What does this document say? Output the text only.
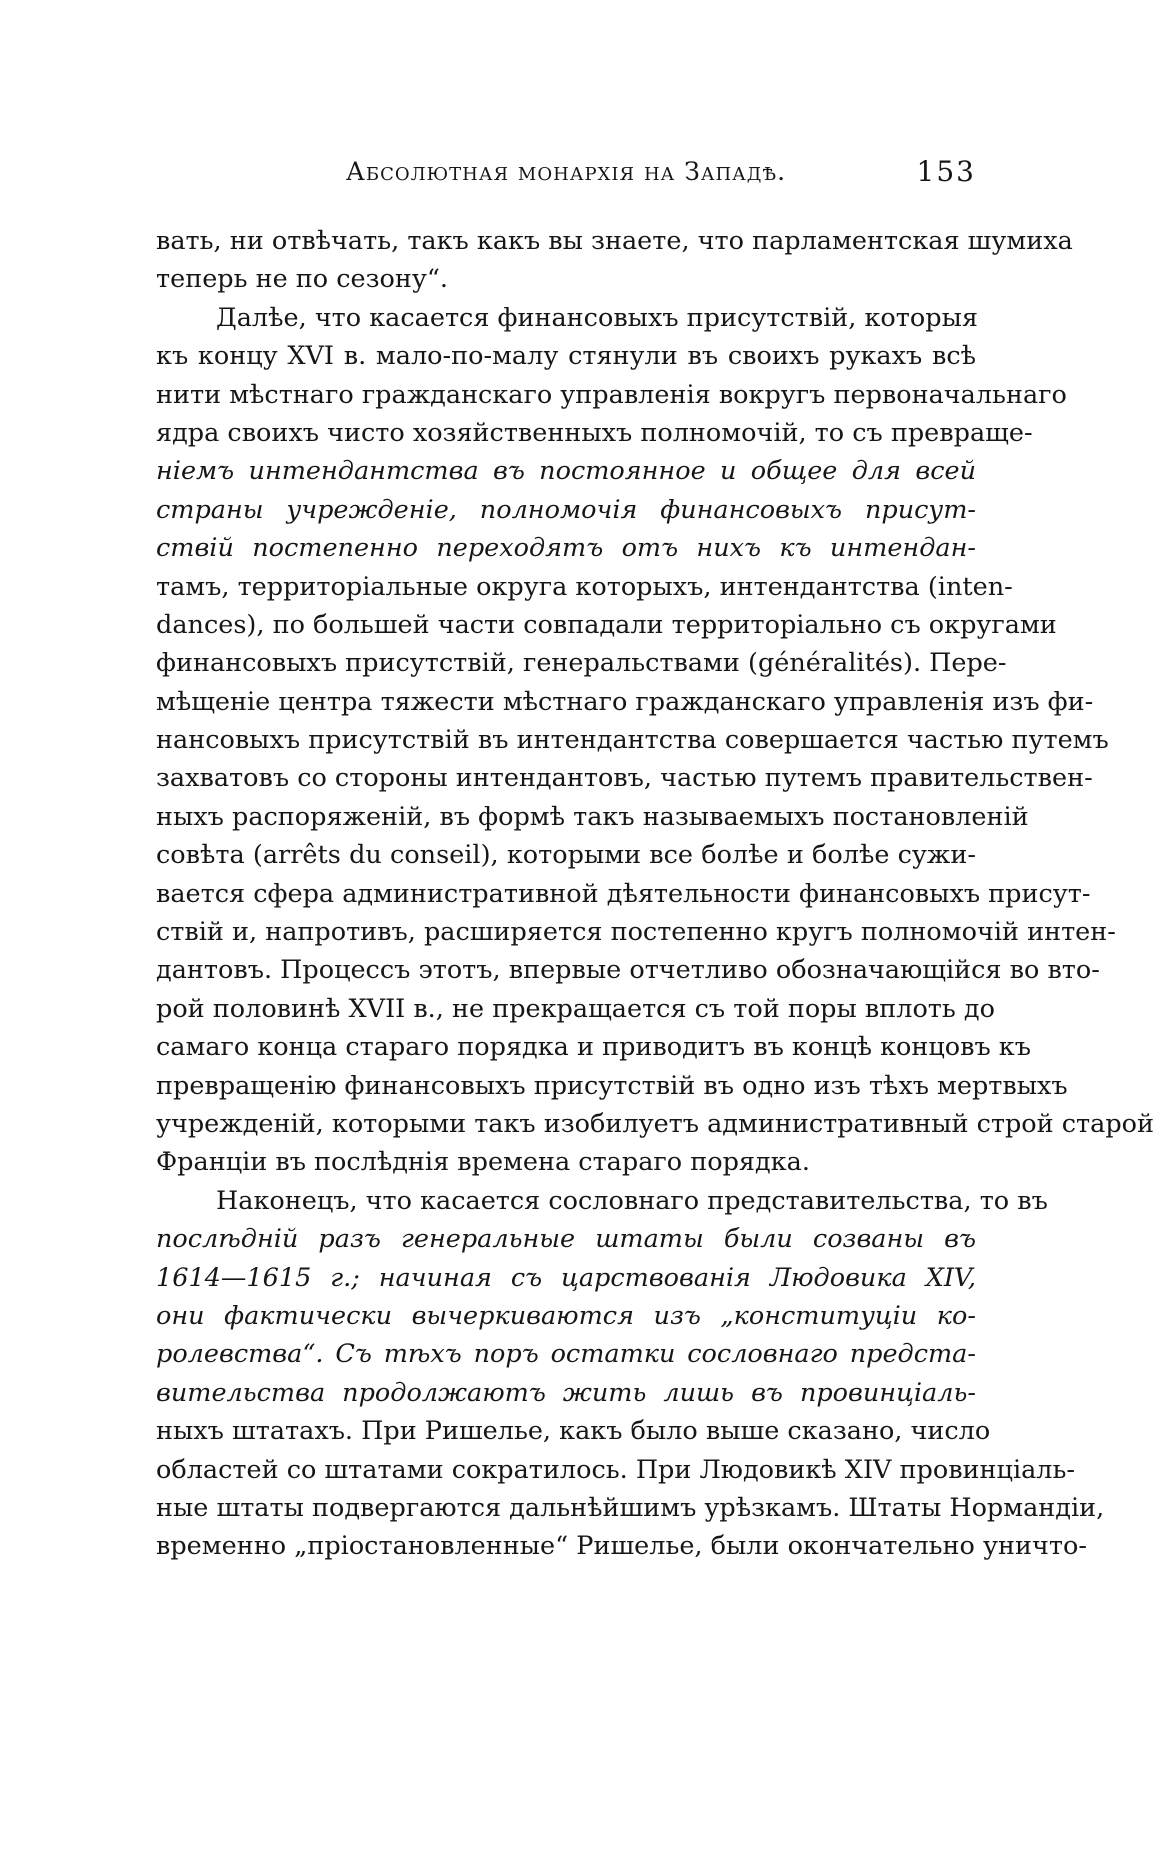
Абсолютная монархія на Западѣ.	153
вать, ни отвѣчать, такъ какъ вы знаете, что парламентская шумиха
теперь не по сезону“.
Далѣе, что касается финансовыхъ присутствій, которыя
къ концу XVI в. мало-по-малу стянули въ своихъ рукахъ всѣ
нити мѣстнаго гражданскаго управленія вокругъ первоначальнаго
ядра своихъ чисто хозяйственныхъ полномочій, то съ превраще-
ніемъ интендантства въ постоянное и общее для всей
страны учрежденіе, полномочія финансовыхъ присут-
ствій постепенно переходятъ отъ нихъ къ интендан-
тамъ, территоріальные округа которыхъ, интендантства (inten-
dances), по большей части совпадали территоріально съ округами
финансовыхъ присутствій, генеральствами (généralités). Пере-
мѣщеніе центра тяжести мѣстнаго гражданскаго управленія изъ фи-
нансовыхъ присутствій въ интендантства совершается частью путемъ
захватовъ со стороны интендантовъ, частью путемъ правительствен-
ныхъ распоряженій, въ формѣ такъ называемыхъ постановленій
совѣта (arrêts du conseil), которыми все болѣе и болѣе сужи-
вается сфера административной дѣятельности финансовыхъ присут-
ствій и, напротивъ, расширяется постепенно кругъ полномочій интен-
дантовъ. Процессъ этотъ, впервые отчетливо обозначающійся во вто-
рой половинѣ XVII в., не прекращается съ той поры вплоть до
самаго конца стараго порядка и приводитъ въ концѣ концовъ къ
превращенію финансовыхъ присутствій въ одно изъ тѣхъ мертвыхъ
учрежденій, которыми такъ изобилуетъ административный строй старой
Франціи въ послѣднія времена стараго порядка.
Наконецъ, что касается сословнаго представительства, то въ
послѣдній разъ генеральные штаты были созваны въ
1614—1615 г.; начиная съ царствованія Людовика XIV,
они фактически вычеркиваются изъ „конституціи ко-
ролевства“. Съ тѣхъ поръ остатки сословнаго предста-
вительства продолжаютъ жить лишь въ провинціаль-
ныхъ штатахъ. При Ришелье, какъ было выше сказано, число
областей со штатами сократилось. При Людовикѣ XIV провинціаль-
ные штаты подвергаются дальнѣйшимъ урѣзкамъ. Штаты Нормандіи,
временно „пріостановленные“ Ришелье, были окончательно уничто-
